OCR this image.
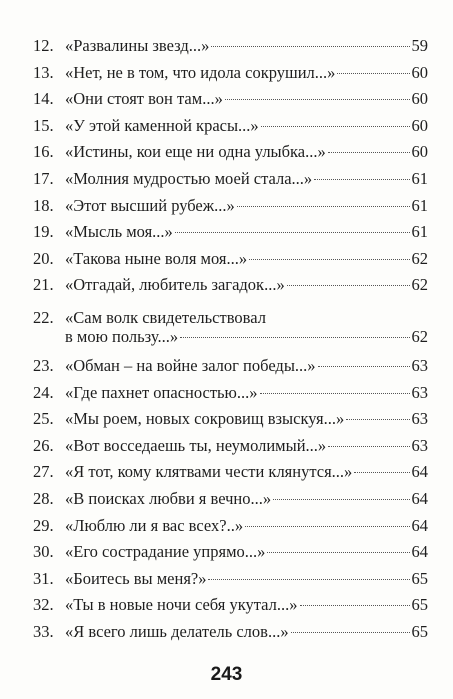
12. «Развалины звезд...»	59
13. «Нет, не в том, что идола сокрушил...»	60
14. «Они стоят вон там...»	60
15. «У этой каменной красы...»	60
16. «Истины, кои еще ни одна улыбка...»	60
17. «Молния мудростью моей стала...»	61
18. «Этот высший рубеж...»	61
19. «Мысль моя...»	61
20. «Такова ныне воля моя...»	62
21. «Отгадай, любитель загадок...»	62
22. «Сам волк свидетельствовал
в мою пользу...»	62
23. «Обман – на войне залог победы...»	63
24. «Где пахнет опасностью...»	63
25. «Мы роем, новых сокровищ взыскуя...»	63
26. «Вот восседаешь ты, неумолимый...»	63
27. «Я тот, кому клятвами чести клянутся...»	64
28. «В поисках любви я вечно...»	64
29. «Люблю ли я вас всех?..»	64
30. «Его сострадание упрямо...»	64
31. «Боитесь вы меня?»	65
32. «Ты в новые ночи себя укутал...»	65
33. «Я всего лишь делатель слов...»	65
243
